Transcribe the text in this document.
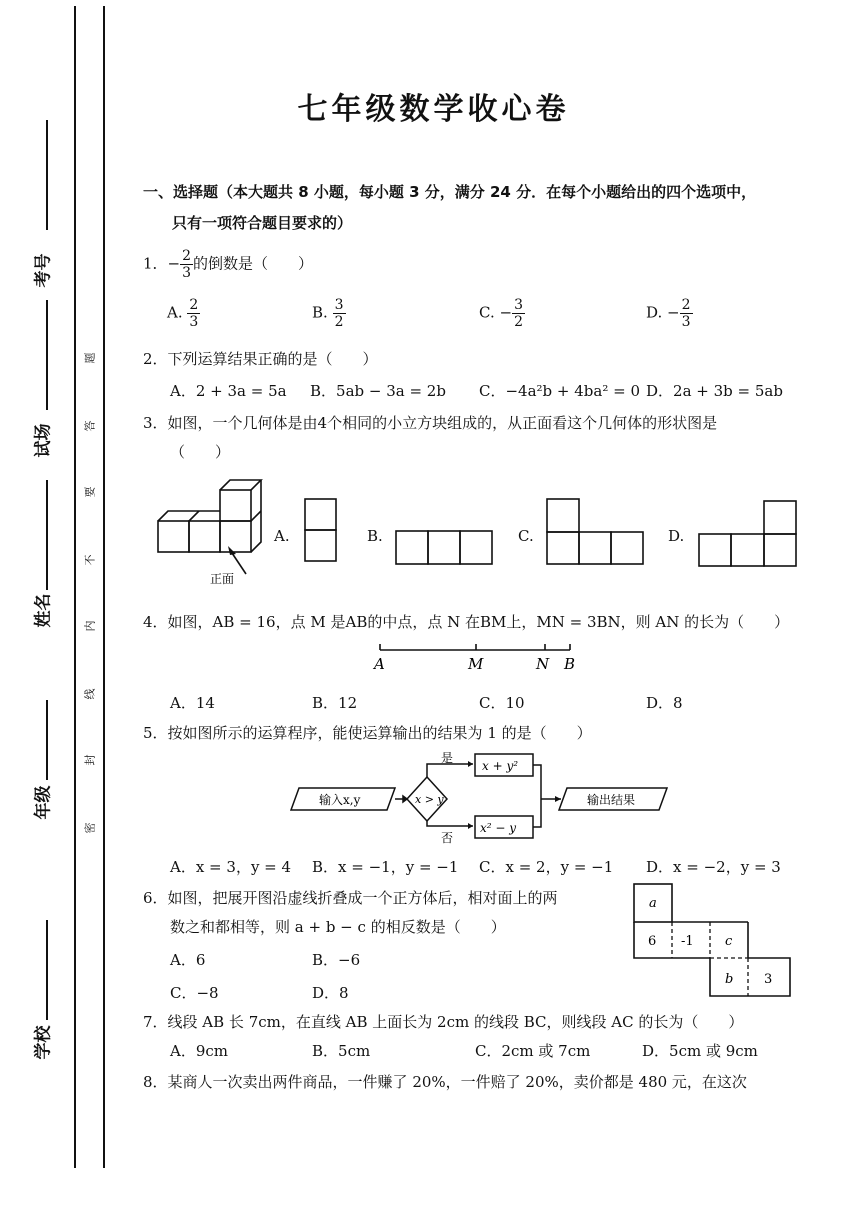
学校
年级
姓名
试场
考号
密
封
线
内
不
要
答
题
七年级数学收心卷
一、选择题（本大题共 8 小题，每小题 3 分，满分 24 分．在每个小题给出的四个选项中，
只有一项符合题目要求的）
1．− $\frac{2}{3}$ 的倒数是（　　）
A. $\frac{2}{3}$	B. $\frac{3}{2}$	C. − $\frac{3}{2}$	D. − $\frac{2}{3}$
2．下列运算结果正确的是（　　）
A．2 + 3a = 5a B．5ab − 3a = 2b C．−4a²b + 4ba² = 0 D．2a + 3b = 5ab
3．如图，一个几何体是由4个相同的小立方块组成的，从正面看这个几何体的形状图是
（　　）
正面
A.	B.	C.	D.
4．如图，AB = 16，点 M 是AB的中点，点 N 在BM上，MN = 3BN，则 AN 的长为（　　）
A	M	N B
A．14	B．12	C．10	D．8
5．按如图所示的运算程序，能使运算输出的结果为 1 的是（　　）
输入x,y	x > y
是
否
x + y²
x² − y
输出结果
A．x = 3，y = 4 B．x = −1，y = −1 C．x = 2，y = −1 D．x = −2，y = 3
6．如图，把展开图沿虚线折叠成一个正方体后，相对面上的两
数之和都相等，则 a + b − c 的相反数是（　　）
A．6	B．−6
C．−8	D．8
a
6 -1 c
b 3
7．线段 AB 长 7cm，在直线 AB 上面长为 2cm 的线段 BC，则线段 AC 的长为（　　）
A．9cm	B．5cm	C．2cm 或 7cm	D．5cm 或 9cm
8．某商人一次卖出两件商品，一件赚了 20%，一件赔了 20%，卖价都是 480 元，在这次
